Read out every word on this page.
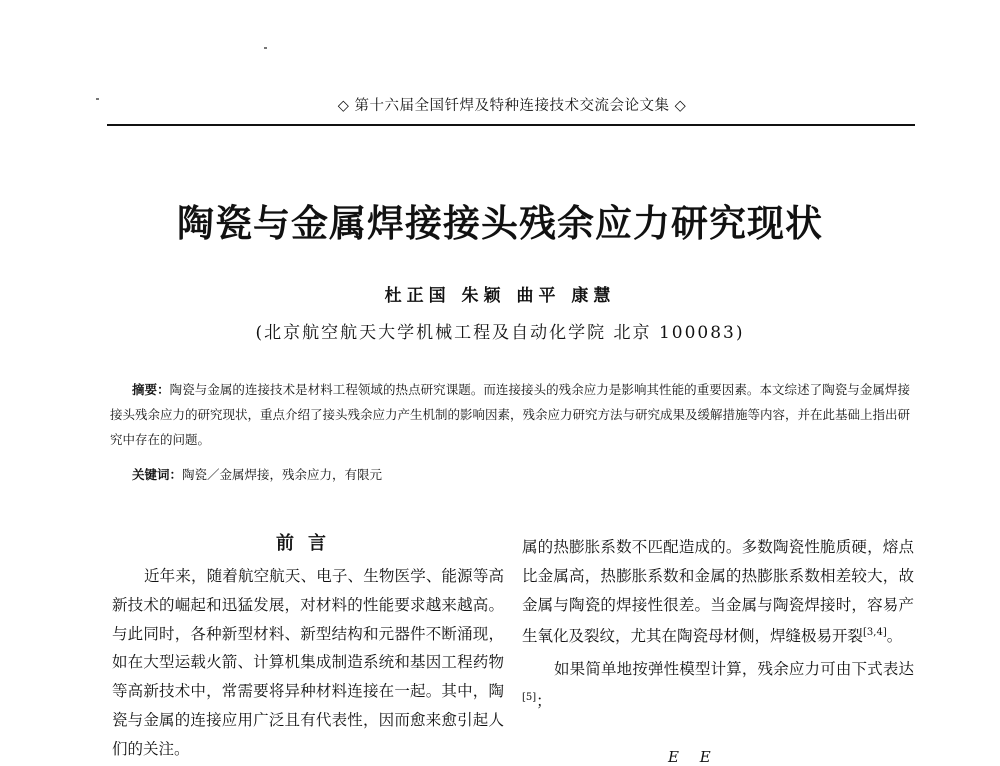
◇ 第十六届全国钎焊及特种连接技术交流会论文集 ◇
陶瓷与金属焊接接头残余应力研究现状
杜正国 朱颖 曲平 康慧
(北京航空航天大学机械工程及自动化学院 北京 100083)

摘要：陶瓷与金属的连接技术是材料工程领域的热点研究课题。而连接接头的残余应力是影响其性能的重要因素。本文综述了陶瓷与金属焊接接头残余应力的研究现状，重点介绍了接头残余应力产生机制的影响因素，残余应力研究方法与研究成果及缓解措施等内容，并在此基础上指出研究中存在的问题。

关键词：陶瓷／金属焊接，残余应力，有限元
前言

近年来，随着航空航天、电子、生物医学、能源等高新技术的崛起和迅猛发展，对材料的性能要求越来越高。与此同时，各种新型材料、新型结构和元器件不断涌现，如在大型运载火箭、计算机集成制造系统和基因工程药物等高新技术中，常需要将异种材料连接在一起。其中，陶瓷与金属的连接应用广泛且有代表性，因而愈来愈引起人们的关注。

属的热膨胀系数不匹配造成的。多数陶瓷性脆质硬，熔点比金属高，热膨胀系数和金属的热膨胀系数相差较大，故金属与陶瓷的焊接性很差。当金属与陶瓷焊接时，容易产生氧化及裂纹，尤其在陶瓷母材侧，焊缝极易开裂[3,4]。

如果简单地按弹性模型计算，残余应力可由下式表达[5]；

E E
